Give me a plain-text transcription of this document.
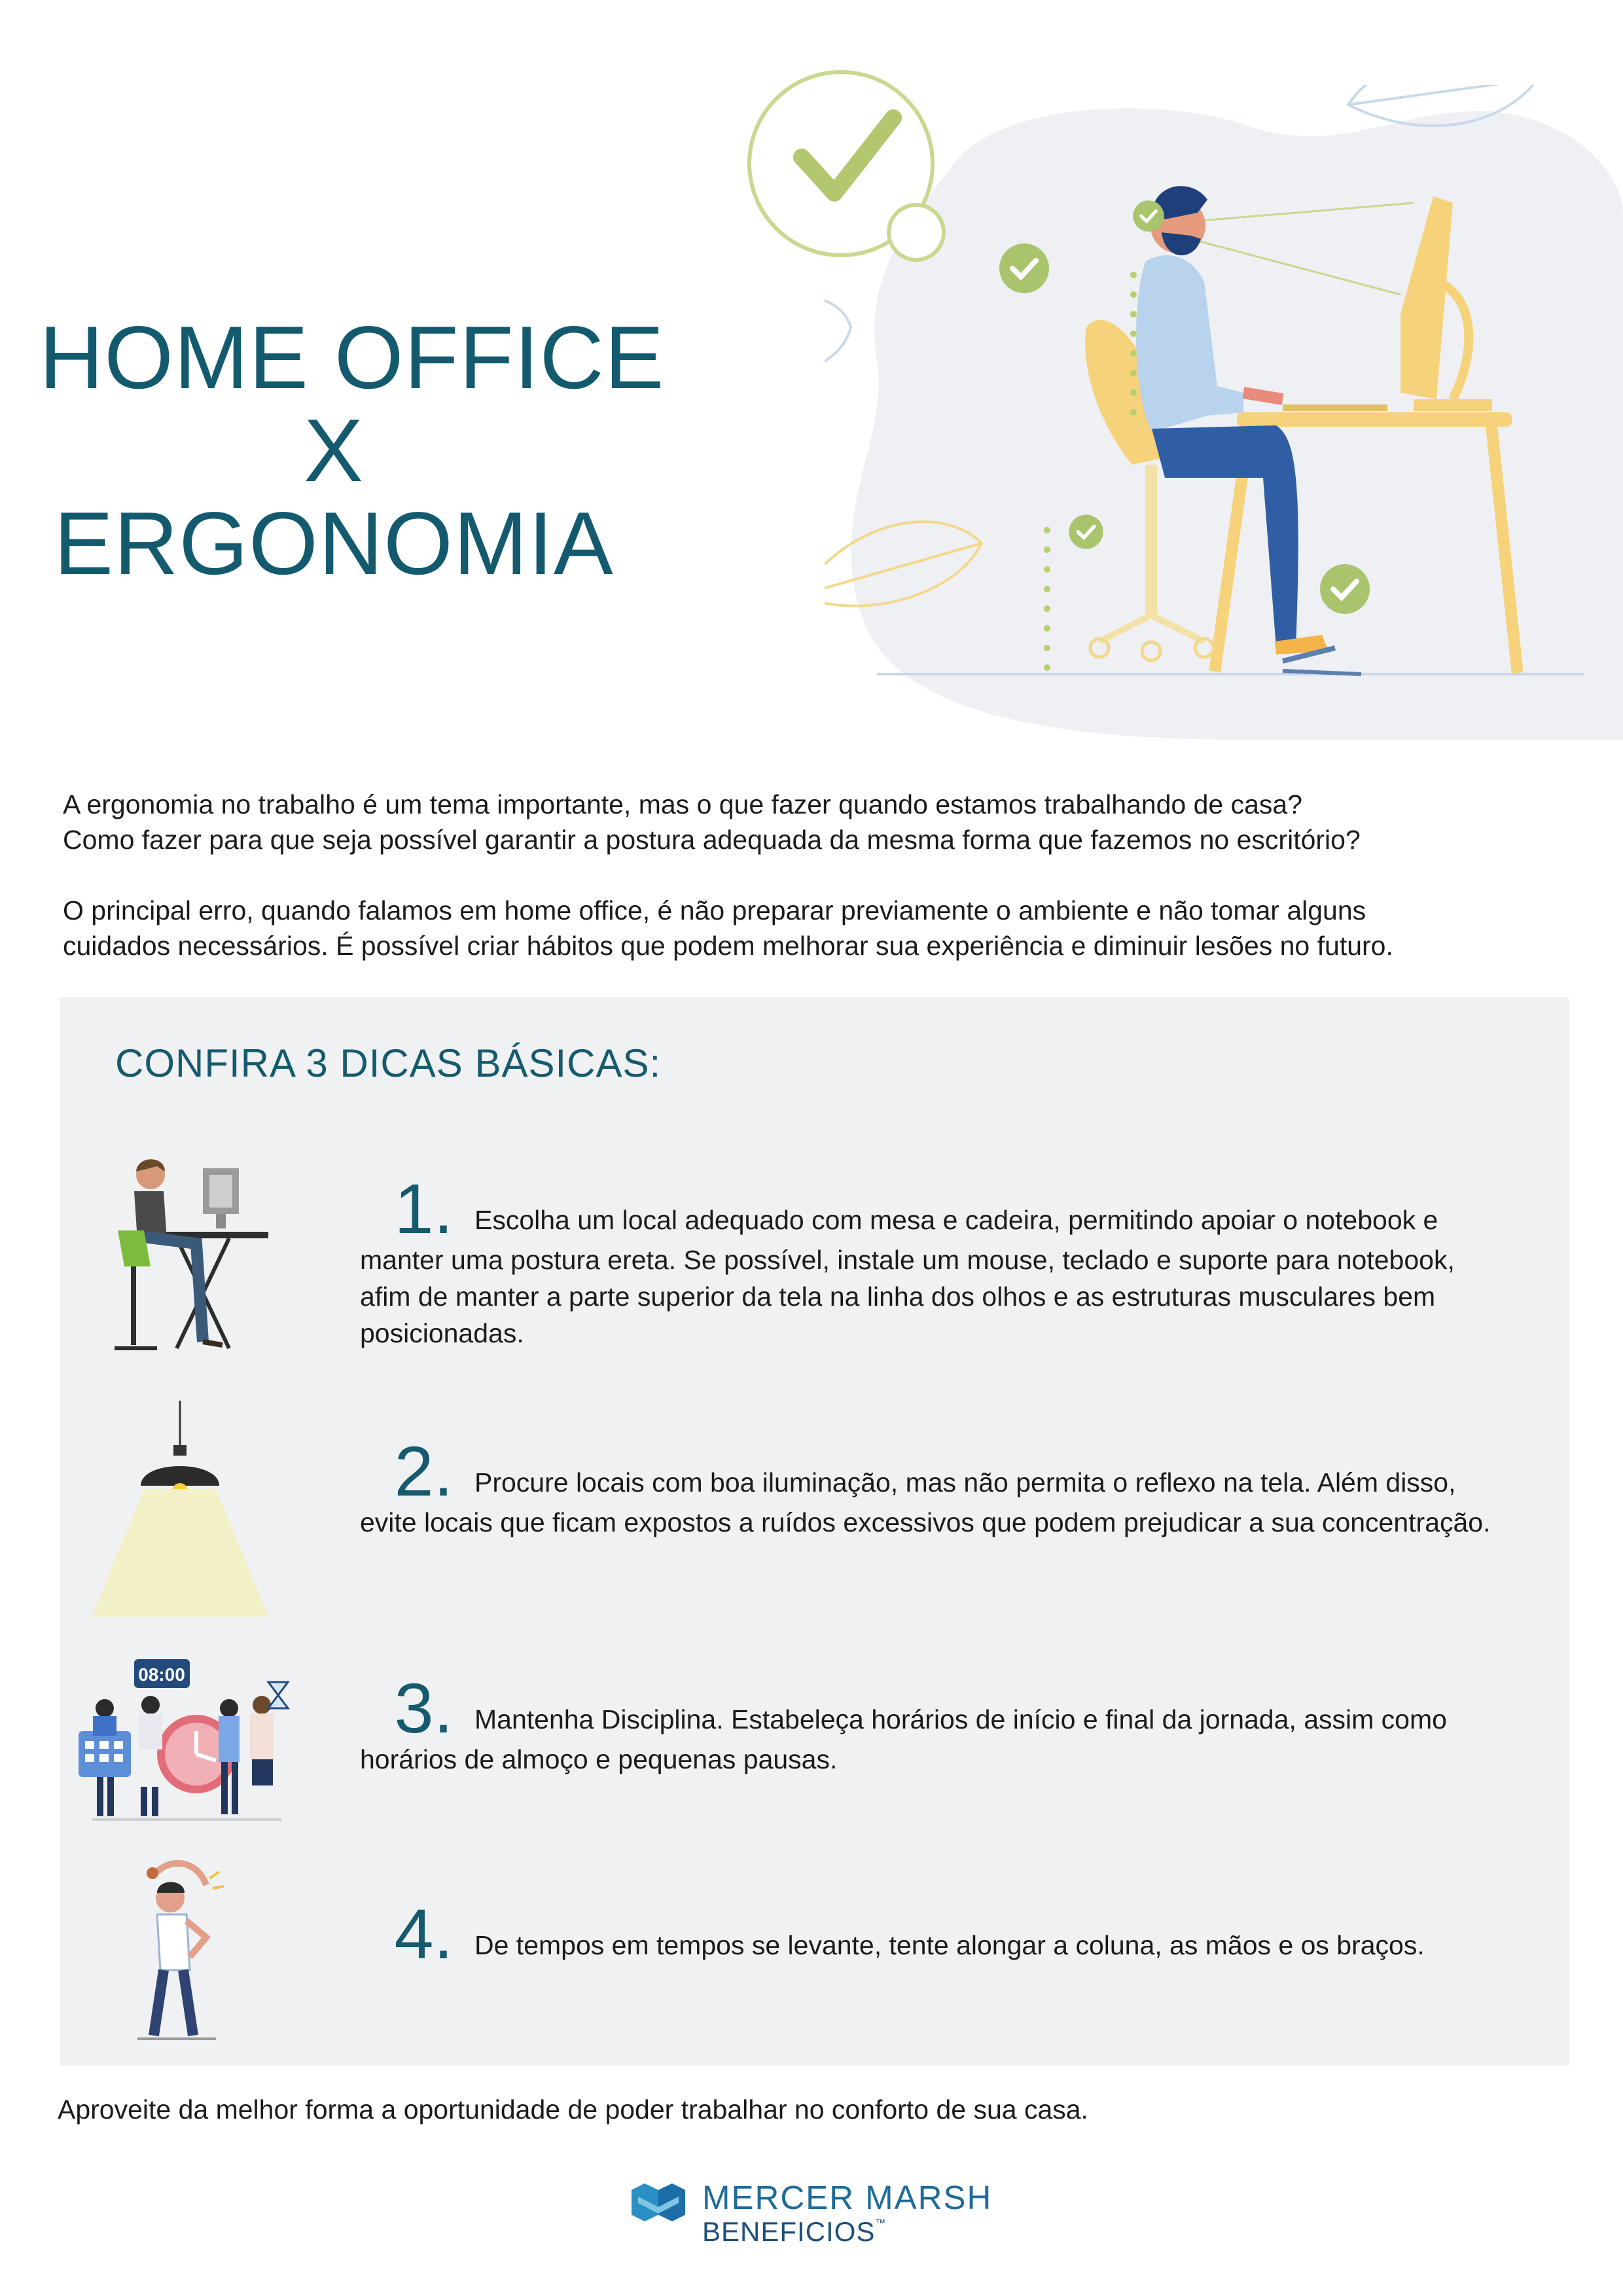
HOME OFFICE
X
ERGONOMIA
A ergonomia no trabalho é um tema importante, mas o que fazer quando estamos trabalhando de casa?
Como fazer para que seja possível garantir a postura adequada da mesma forma que fazemos no escritório?
O principal erro, quando falamos em home office, é não preparar previamente o ambiente e não tomar alguns
cuidados necessários. É possível criar hábitos que podem melhorar sua experiência e diminuir lesões no futuro.
CONFIRA 3 DICAS BÁSICAS:
08:00
1. Escolha um local adequado com mesa e cadeira, permitindo apoiar o notebook e
manter uma postura ereta. Se possível, instale um mouse, teclado e suporte para notebook,
afim de manter a parte superior da tela na linha dos olhos e as estruturas musculares bem
posicionadas.
2. Procure locais com boa iluminação, mas não permita o reflexo na tela. Além disso,
evite locais que ficam expostos a ruídos excessivos que podem prejudicar a sua concentração.
3. Mantenha Disciplina. Estabeleça horários de início e final da jornada, assim como
horários de almoço e pequenas pausas.
4. De tempos em tempos se levante, tente alongar a coluna, as mãos e os braços.
Aproveite da melhor forma a oportunidade de poder trabalhar no conforto de sua casa.
MERCER MARSH
BENEFICIOS™
